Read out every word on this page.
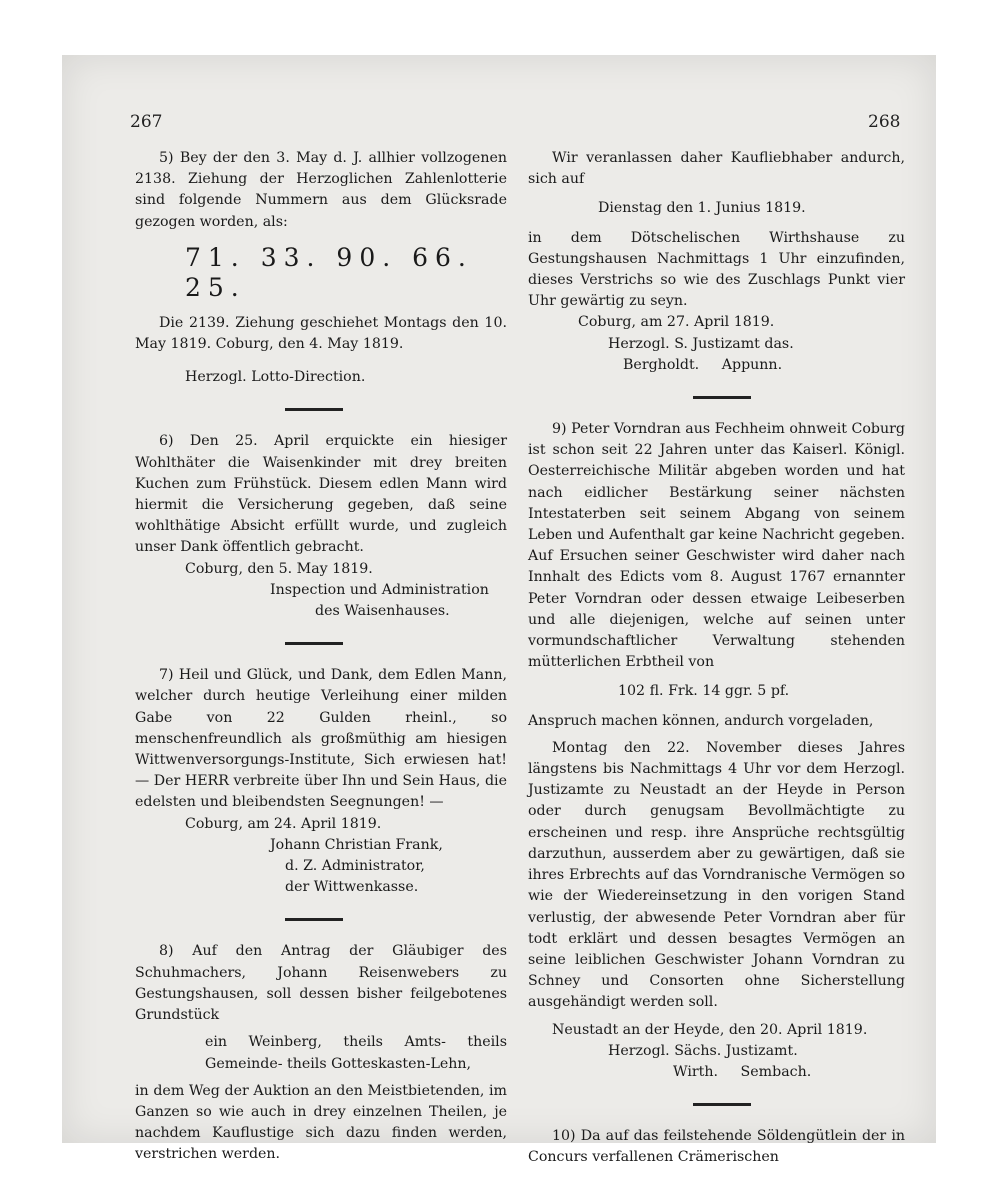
267	268

5) Bey der den 3. May d. J. allhier vollzogenen 2138. Ziehung der Herzoglichen Zahlenlotterie sind folgende Nummern aus dem Glücksrade gezogen worden, als:

71. 33. 90. 66. 25.

Die 2139. Ziehung geschiehet Montags den 10. May 1819. Coburg, den 4. May 1819.

Herzogl. Lotto-Direction.

6) Den 25. April erquickte ein hiesiger Wohlthäter die Waisenkinder mit drey breiten Kuchen zum Frühstück. Diesem edlen Mann wird hiermit die Versicherung gegeben, daß seine wohlthätige Absicht erfüllt wurde, und zugleich unser Dank öffentlich gebracht.

Coburg, den 5. May 1819.

Inspection und Administration

des Waisenhauses.

7) Heil und Glück, und Dank, dem Edlen Mann, welcher durch heutige Verleihung einer milden Gabe von 22 Gulden rheinl., so menschenfreundlich als großmüthig am hiesigen Wittwenversorgungs-Institute, Sich erwiesen hat! — Der HERR verbreite über Ihn und Sein Haus, die edelsten und bleibendsten Seegnungen! —

Coburg, am 24. April 1819.

Johann Christian Frank,

d. Z. Administrator,

der Wittwenkasse.

8) Auf den Antrag der Gläubiger des Schuhmachers, Johann Reisenwebers zu Gestungshausen, soll dessen bisher feilgebotenes Grundstück

ein Weinberg, theils Amts- theils Gemeinde- theils Gotteskasten-Lehn,

in dem Weg der Auktion an den Meistbietenden, im Ganzen so wie auch in drey einzelnen Theilen, je nachdem Kauflustige sich dazu finden werden, verstrichen werden.

Wir veranlassen daher Kaufliebhaber andurch, sich auf

Dienstag den 1. Junius 1819.

in dem Dötschelischen Wirthshause zu Gestungshausen Nachmittags 1 Uhr einzufinden, dieses Verstrichs so wie des Zuschlags Punkt vier Uhr gewärtig zu seyn.

Coburg, am 27. April 1819.

Herzogl. S. Justizamt das.

Bergholdt.     Appunn.

9) Peter Vorndran aus Fechheim ohnweit Coburg ist schon seit 22 Jahren unter das Kaiserl. Königl. Oesterreichische Militär abgeben worden und hat nach eidlicher Bestärkung seiner nächsten Intestaterben seit seinem Abgang von seinem Leben und Aufenthalt gar keine Nachricht gegeben. Auf Ersuchen seiner Geschwister wird daher nach Innhalt des Edicts vom 8. August 1767 ernannter Peter Vorndran oder dessen etwaige Leibeserben und alle diejenigen, welche auf seinen unter vormundschaftlicher Verwaltung stehenden mütterlichen Erbtheil von

102 fl. Frk. 14 ggr. 5 pf.

Anspruch machen können, andurch vorgeladen,

Montag den 22. November dieses Jahres längstens bis Nachmittags 4 Uhr vor dem Herzogl. Justizamte zu Neustadt an der Heyde in Person oder durch genugsam Bevollmächtigte zu erscheinen und resp. ihre Ansprüche rechtsgültig darzuthun, ausserdem aber zu gewärtigen, daß sie ihres Erbrechts auf das Vorndranische Vermögen so wie der Wiedereinsetzung in den vorigen Stand verlustig, der abwesende Peter Vorndran aber für todt erklärt und dessen besagtes Vermögen an seine leiblichen Geschwister Johann Vorndran zu Schney und Consorten ohne Sicherstellung ausgehändigt werden soll.

Neustadt an der Heyde, den 20. April 1819.

Herzogl. Sächs. Justizamt.

Wirth.     Sembach.

10) Da auf das feilstehende Söldengütlein der in Concurs verfallenen Crämerischen
